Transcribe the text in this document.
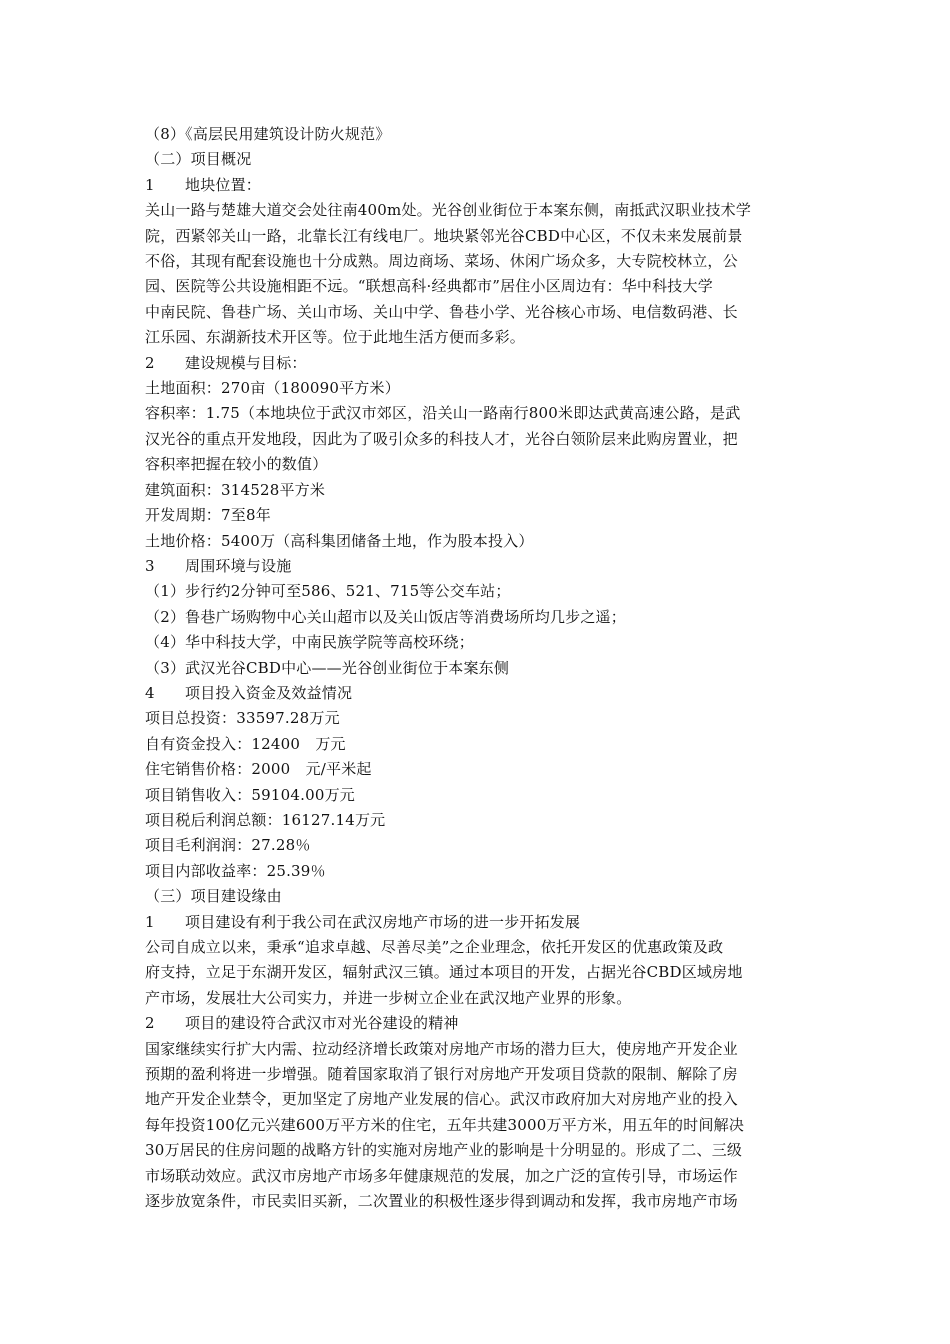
（8）《高层民用建筑设计防火规范》

（二）项目概况

1 地块位置：

关山一路与楚雄大道交会处往南400m处。光谷创业街位于本案东侧，南抵武汉职业技术学
院，西紧邻关山一路，北靠长江有线电厂。地块紧邻光谷CBD中心区，不仅未来发展前景
不俗，其现有配套设施也十分成熟。周边商场、菜场、休闲广场众多，大专院校林立，公
园、医院等公共设施相距不远。“联想高科·经典都市”居住小区周边有：华中科技大学
中南民院、鲁巷广场、关山市场、关山中学、鲁巷小学、光谷核心市场、电信数码港、长
江乐园、东湖新技术开区等。位于此地生活方便而多彩。

2 建设规模与目标：

土地面积：270亩（180090平方米）

容积率：1.75（本地块位于武汉市郊区，沿关山一路南行800米即达武黄高速公路，是武
汉光谷的重点开发地段，因此为了吸引众多的科技人才，光谷白领阶层来此购房置业，把
容积率把握在较小的数值）

建筑面积：314528平方米

开发周期：7至8年

土地价格：5400万（高科集团储备土地，作为股本投入）

3 周围环境与设施

（1）步行约2分钟可至586、521、715等公交车站；

（2）鲁巷广场购物中心关山超市以及关山饭店等消费场所均几步之遥；

（4）华中科技大学，中南民族学院等高校环绕；

（3）武汉光谷CBD中心——光谷创业街位于本案东侧

4 项目投入资金及效益情况

项目总投资：33597.28万元

自有资金投入：12400　万元

住宅销售价格：2000　元/平米起

项目销售收入：59104.00万元

项目税后利润总额：16127.14万元

项目毛利润润：27.28％

项目内部收益率：25.39％

（三）项目建设缘由

1 项目建设有利于我公司在武汉房地产市场的进一步开拓发展

公司自成立以来，秉承“追求卓越、尽善尽美”之企业理念，依托开发区的优惠政策及政
府支持，立足于东湖开发区，辐射武汉三镇。通过本项目的开发，占据光谷CBD区域房地
产市场，发展壮大公司实力，并进一步树立企业在武汉地产业界的形象。

2 项目的建设符合武汉市对光谷建设的精神

国家继续实行扩大内需、拉动经济增长政策对房地产市场的潜力巨大，使房地产开发企业
预期的盈利将进一步增强。随着国家取消了银行对房地产开发项目贷款的限制、解除了房
地产开发企业禁令，更加坚定了房地产业发展的信心。武汉市政府加大对房地产业的投入
每年投资100亿元兴建600万平方米的住宅，五年共建3000万平方米，用五年的时间解决
30万居民的住房问题的战略方针的实施对房地产业的影响是十分明显的。形成了二、三级
市场联动效应。武汉市房地产市场多年健康规范的发展，加之广泛的宣传引导，市场运作
逐步放宽条件，市民卖旧买新，二次置业的积极性逐步得到调动和发挥，我市房地产市场
